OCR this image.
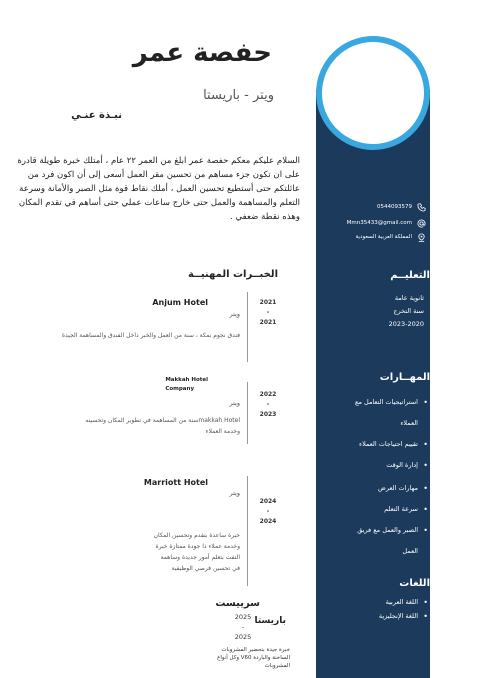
0544093579
Mmn35433@gmail.com
المملكة العربية السعودية
التعليــم
ثانوية عامة
سنة التخرج
2023-2020
المهــارات
• استراتيجيات التعامل مع
العملاء
• تقييم احتياجات العملاء
• إدارة الوقت
• مهارات العرض
• سرعة التعلم
• الصبر والعمل مع فريق
العمل
اللغات
• اللغة العربية
• اللغة الإنجليزية
حفصة عمر
ويتر - باريستا
نبـذة عنـي
السلام عليكم معكم حفصة عمر ابلغ من العمر ٢٢ عام ، أمتلك خبرة طويلة قادرة على ان تكون جزء مساهم من تحسين مقر العمل أسعى إلى أن اكون فرد من عائلتكم حتى أستطيع تحسين العمل ، أملك نقاط قوة مثل الصبر والأمانة وسرعة التعلم والمساهمة والعمل حتى خارج ساعات عملي حتى أساهم في تقدم المكان وهذه نقطة ضعفي .
الخبــرات المهنيــة
2021
-
2021
Anjum Hotel
ويتر
فندق نجوم بمكة ، سنة من العمل والخبر داخل الفندق والمساهمة الجيدة
2022
-
2023
Makkah Hotel
Company
ويتر
makkah Hotelسنة من المساهمة في تطوير المكان وتحسينه
وخدمة العملاء
2024
-
2024
Marriott Hotel
ويتر
خبرة ساعدة بتقدم وتحسين المكان
وخدمة عملاء ذا جودة ممتازة خبرة
التفت بتعلم أمور جديدة وساهمة
في تحسين فرصي الوظيفية
سرييست
2025
-
2025
باريستا
خبرة جيدة بتحضير المشروبات الساخنة والباردة V60 وكل أنواع المشروبات
